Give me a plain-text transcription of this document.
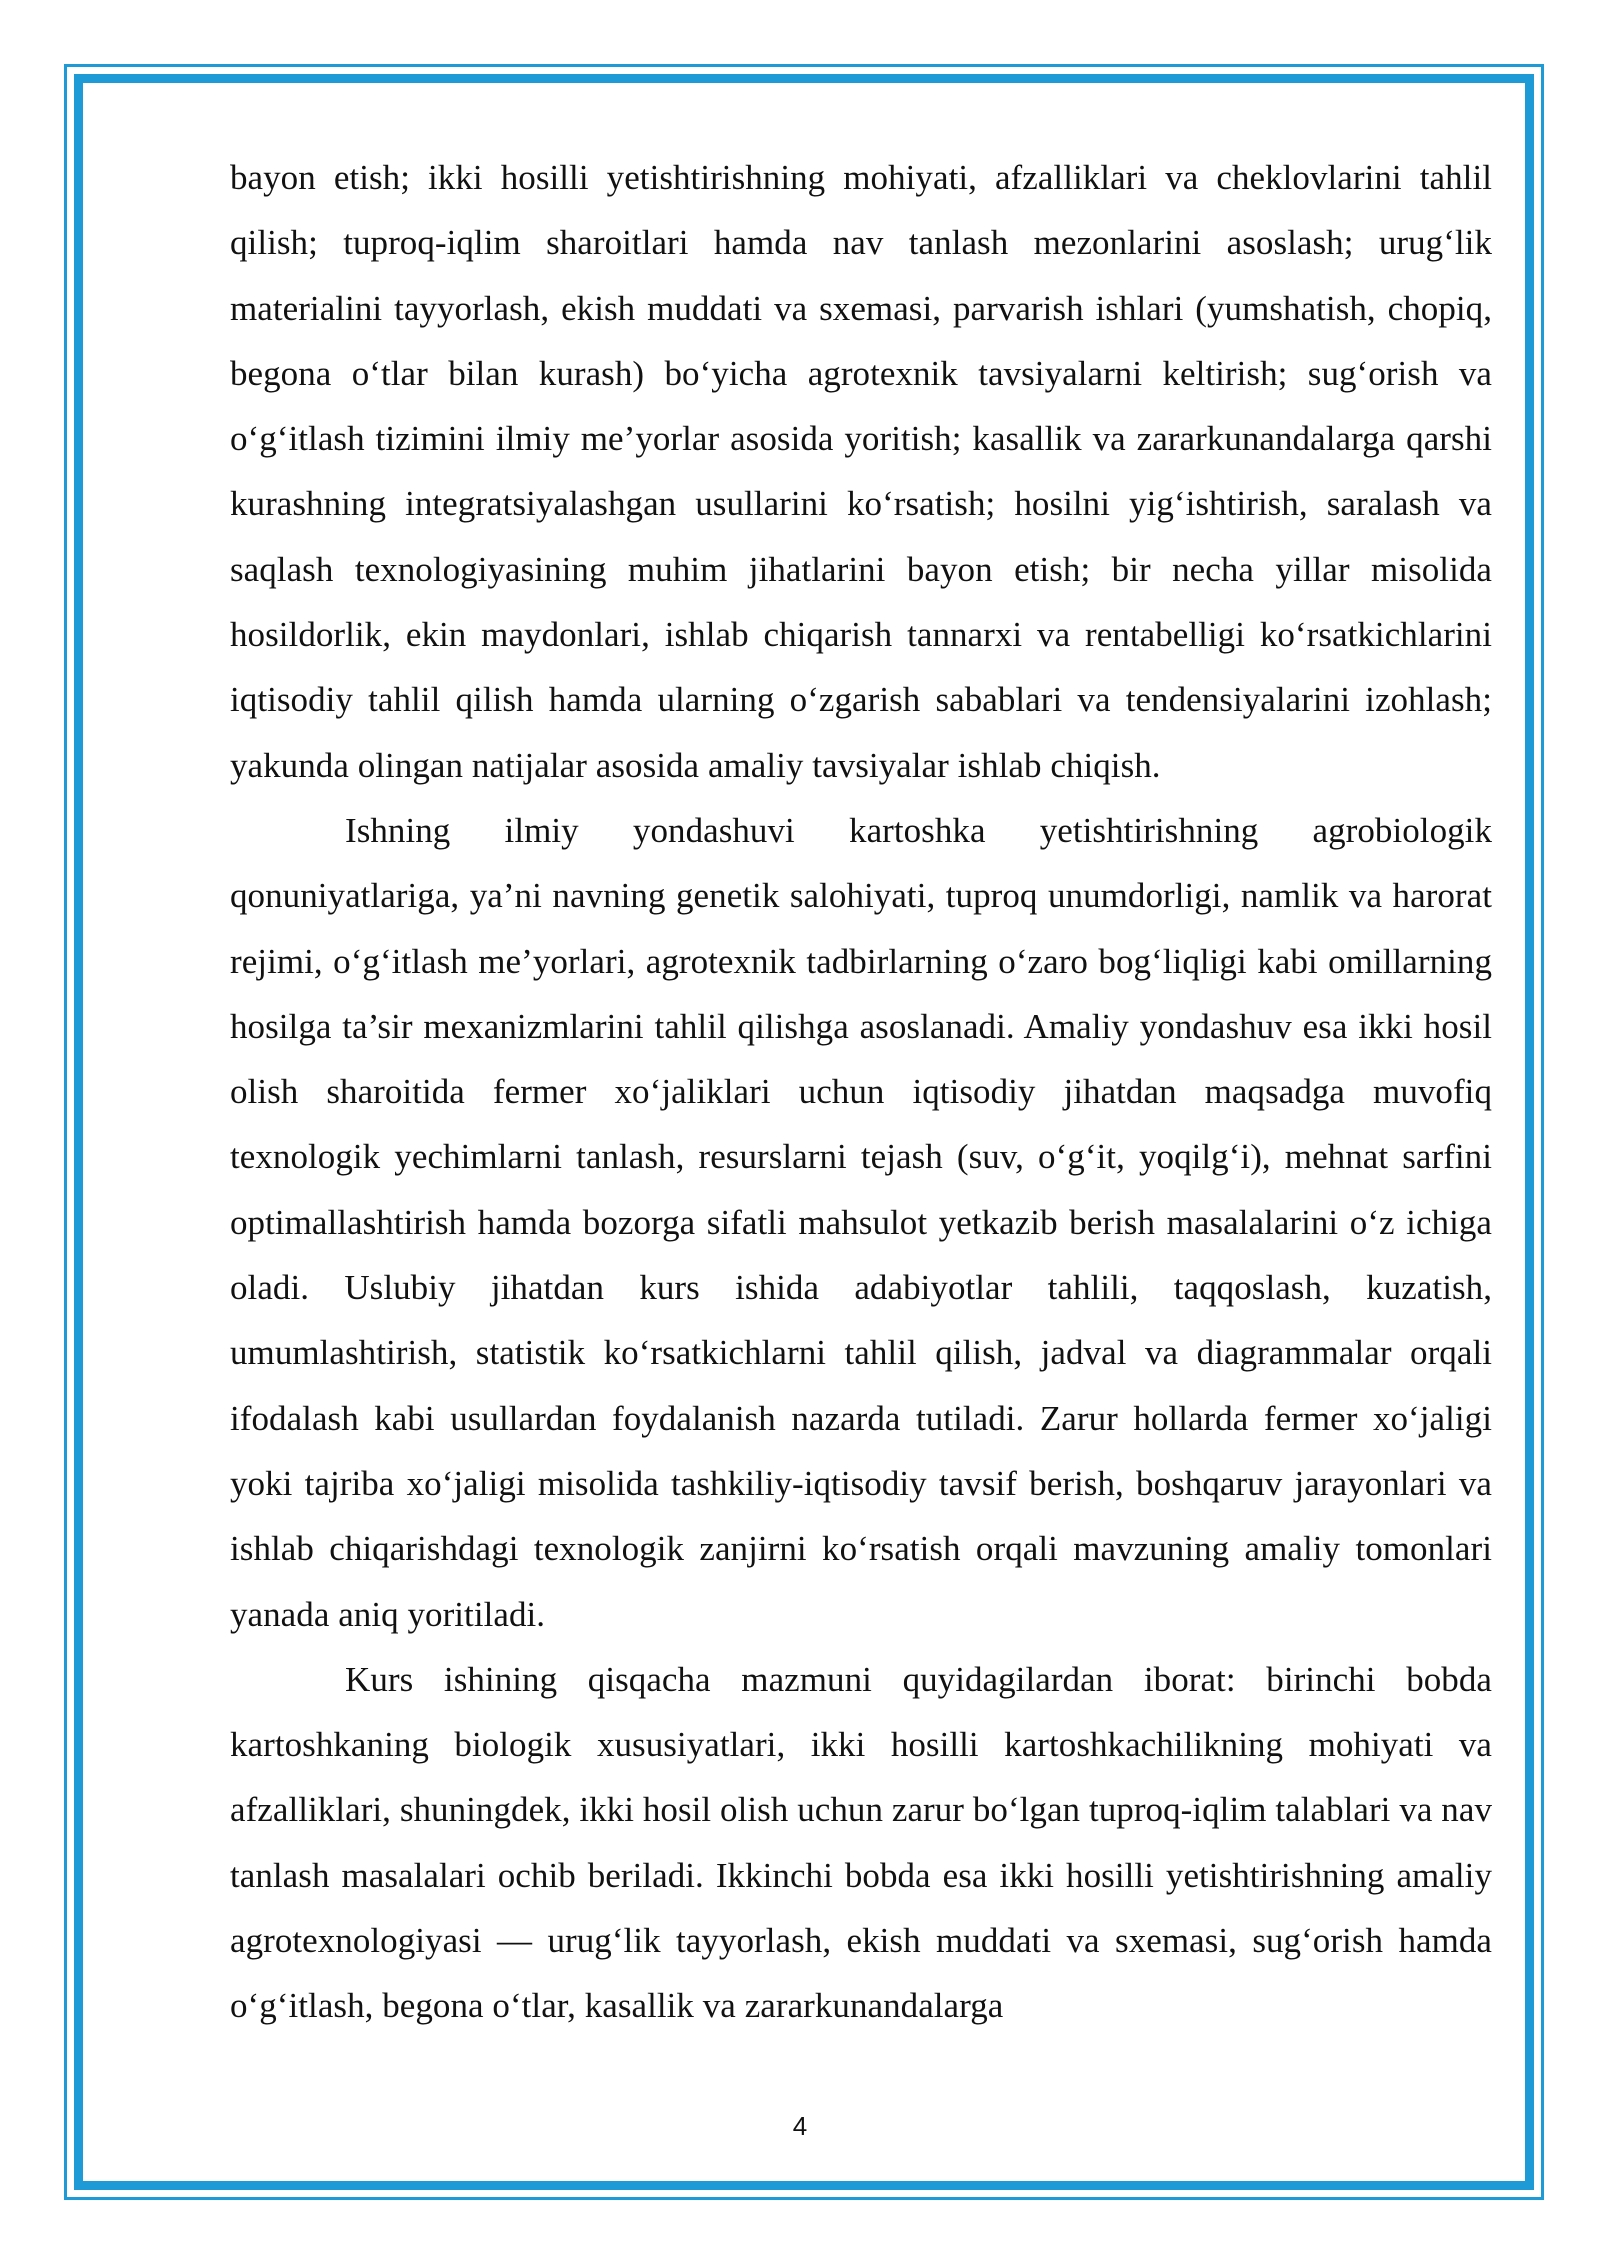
bayon etish; ikki hosilli yetishtirishning mohiyati, afzalliklari va cheklovlarini tahlil qilish; tuproq-iqlim sharoitlari hamda nav tanlash mezonlarini asoslash; urug‘lik materialini tayyorlash, ekish muddati va sxemasi, parvarish ishlari (yumshatish, chopiq, begona o‘tlar bilan kurash) bo‘yicha agrotexnik tavsiyalarni keltirish; sug‘orish va o‘g‘itlash tizimini ilmiy me’yorlar asosida yoritish; kasallik va zararkunandalarga qarshi kurashning integratsiyalashgan usullarini ko‘rsatish; hosilni yig‘ishtirish, saralash va saqlash texnologiyasining muhim jihatlarini bayon etish; bir necha yillar misolida hosildorlik, ekin maydonlari, ishlab chiqarish tannarxi va rentabelligi ko‘rsatkichlarini iqtisodiy tahlil qilish hamda ularning o‘zgarish sabablari va tendensiyalarini izohlash; yakunda olingan natijalar asosida amaliy tavsiyalar ishlab chiqish.

Ishning ilmiy yondashuvi kartoshka yetishtirishning agrobiologik qonuniyatlariga, ya’ni navning genetik salohiyati, tuproq unumdorligi, namlik va harorat rejimi, o‘g‘itlash me’yorlari, agrotexnik tadbirlarning o‘zaro bog‘liqligi kabi omillarning hosilga ta’sir mexanizmlarini tahlil qilishga asoslanadi. Amaliy yondashuv esa ikki hosil olish sharoitida fermer xo‘jaliklari uchun iqtisodiy jihatdan maqsadga muvofiq texnologik yechimlarni tanlash, resurslarni tejash (suv, o‘g‘it, yoqilg‘i), mehnat sarfini optimallashtirish hamda bozorga sifatli mahsulot yetkazib berish masalalarini o‘z ichiga oladi. Uslubiy jihatdan kurs ishida adabiyotlar tahlili, taqqoslash, kuzatish, umumlashtirish, statistik ko‘rsatkichlarni tahlil qilish, jadval va diagrammalar orqali ifodalash kabi usullardan foydalanish nazarda tutiladi. Zarur hollarda fermer xo‘jaligi yoki tajriba xo‘jaligi misolida tashkiliy-iqtisodiy tavsif berish, boshqaruv jarayonlari va ishlab chiqarishdagi texnologik zanjirni ko‘rsatish orqali mavzuning amaliy tomonlari yanada aniq yoritiladi.

Kurs ishining qisqacha mazmuni quyidagilardan iborat: birinchi bobda kartoshkaning biologik xususiyatlari, ikki hosilli kartoshkachilikning mohiyati va afzalliklari, shuningdek, ikki hosil olish uchun zarur bo‘lgan tuproq-iqlim talablari va nav tanlash masalalari ochib beriladi. Ikkinchi bobda esa ikki hosilli yetishtirishning amaliy agrotexnologiyasi — urug‘lik tayyorlash, ekish muddati va sxemasi, sug‘orish hamda o‘g‘itlash, begona o‘tlar, kasallik va zararkunandalarga

4
